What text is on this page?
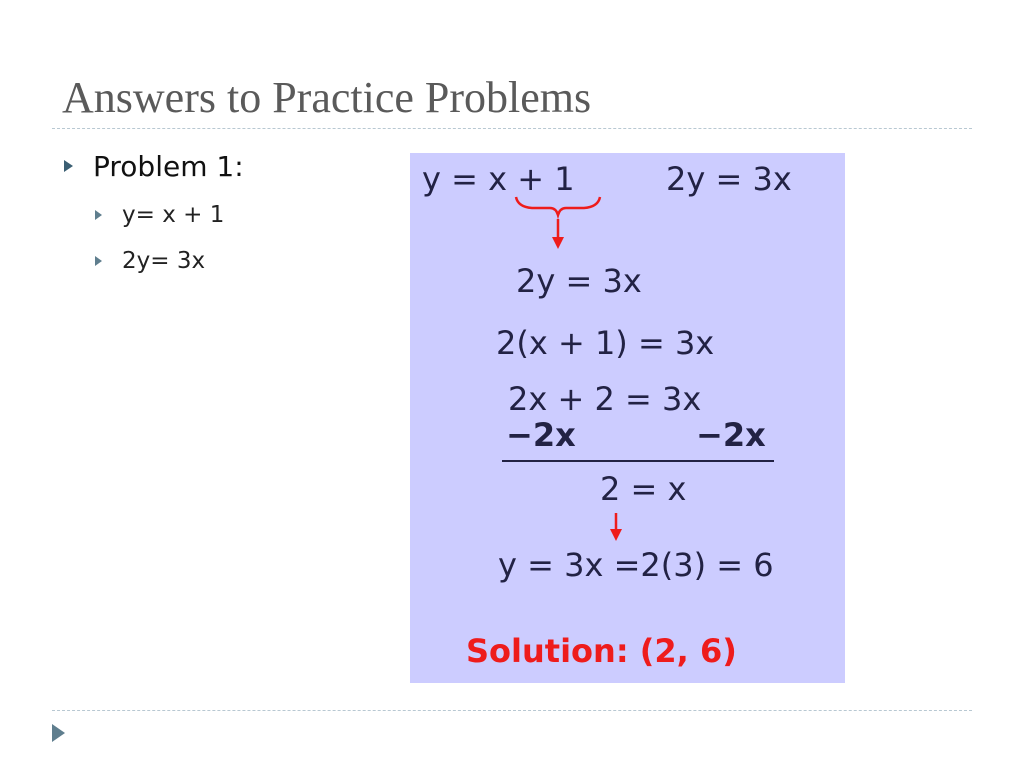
Answers to Practice Problems
Problem 1:
y= x + 1
2y= 3x
y = x + 1	2y = 3x
2y = 3x
2(x + 1) = 3x
2x + 2 = 3x
−2x	−2x
2 = x
y = 3x =2(3) = 6
Solution: (2, 6)
